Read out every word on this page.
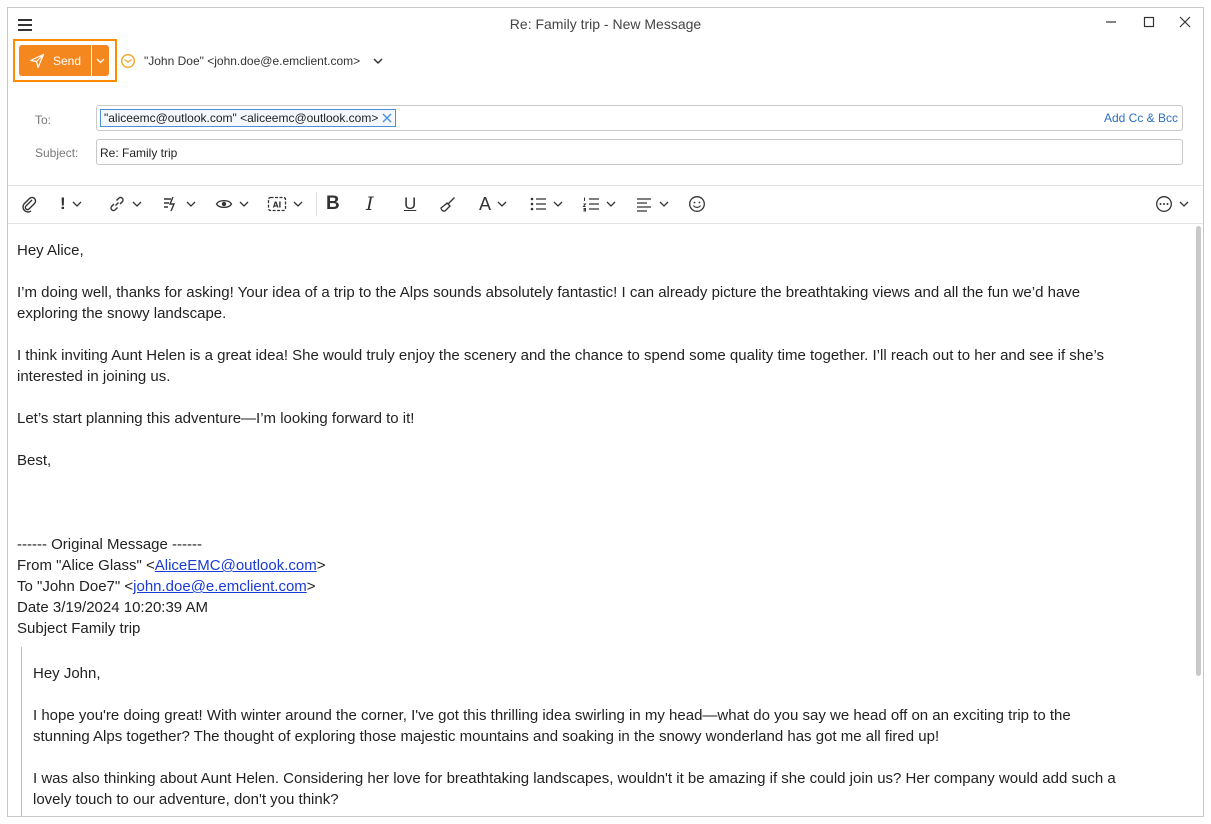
Re: Family trip - New Message
Send	"John Doe" <john.doe@e.emclient.com>
To:	"aliceemc@outlook.com" <aliceemc@outlook.com>	Add Cc & Bcc
Subject:	Re: Family trip
!	AI B I U	A

Hey Alice,

I’m doing well, thanks for asking! Your idea of a trip to the Alps sounds absolutely fantastic! I can already picture the breathtaking views and all the fun we’d have

exploring the snowy landscape.

I think inviting Aunt Helen is a great idea! She would truly enjoy the scenery and the chance to spend some quality time together. I’ll reach out to her and see if she’s

interested in joining us.

Let’s start planning this adventure—I’m looking forward to it!

Best,

------ Original Message ------

From "Alice Glass" <AliceEMC@outlook.com>

To "John Doe7" <john.doe@e.emclient.com>

Date 3/19/2024 10:20:39 AM

Subject Family trip

Hey John,

I hope you're doing great! With winter around the corner, I've got this thrilling idea swirling in my head—what do you say we head off on an exciting trip to the

stunning Alps together? The thought of exploring those majestic mountains and soaking in the snowy wonderland has got me all fired up!

I was also thinking about Aunt Helen. Considering her love for breathtaking landscapes, wouldn't it be amazing if she could join us? Her company would add such a

lovely touch to our adventure, don't you think?
